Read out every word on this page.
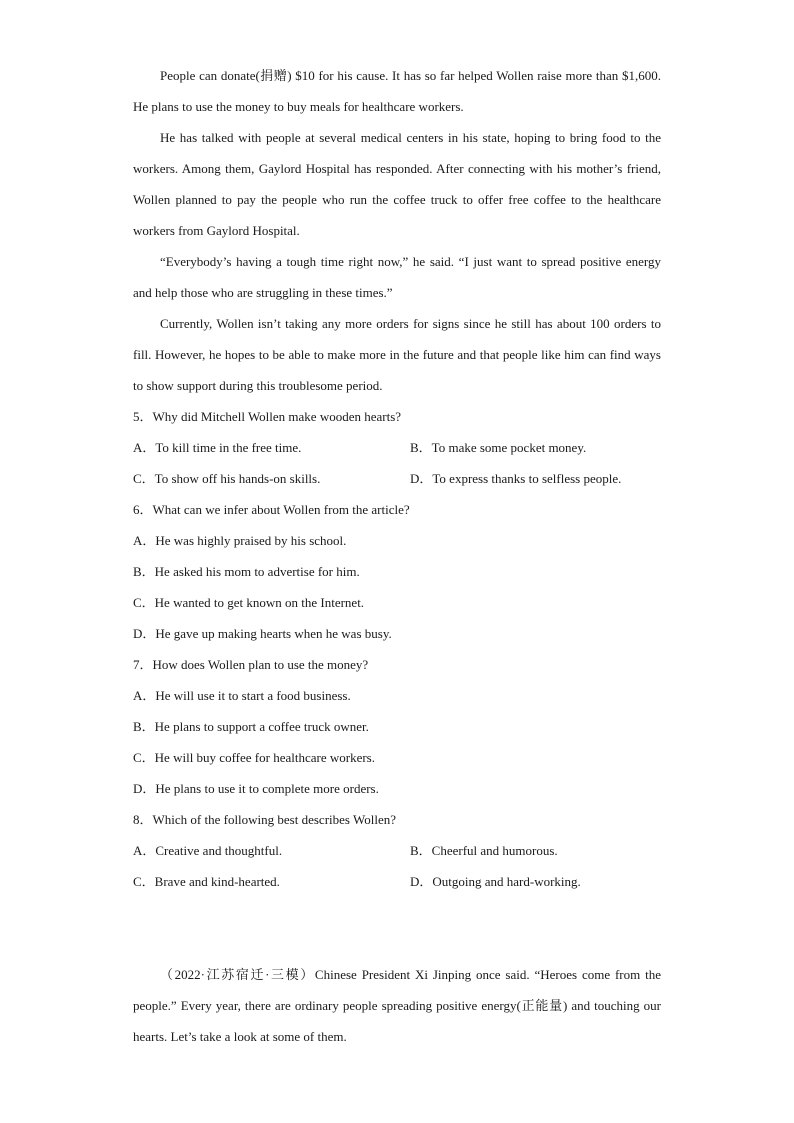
People can donate(捐赠) $10 for his cause. It has so far helped Wollen raise more than $1,600. He plans to use the money to buy meals for healthcare workers.

He has talked with people at several medical centers in his state, hoping to bring food to the workers. Among them, Gaylord Hospital has responded. After connecting with his mother’s friend, Wollen planned to pay the people who run the coffee truck to offer free coffee to the healthcare workers from Gaylord Hospital.

“Everybody’s having a tough time right now,” he said. “I just want to spread positive energy and help those who are struggling in these times.”

Currently, Wollen isn’t taking any more orders for signs since he still has about 100 orders to fill. However, he hopes to be able to make more in the future and that people like him can find ways to show support during this troublesome period.

5．Why did Mitchell Wollen make wooden hearts?

A．To kill time in the free time.	B．To make some pocket money.
C．To show off his hands-on skills.	D．To express thanks to selfless people.

6．What can we infer about Wollen from the article?

A．He was highly praised by his school.

B．He asked his mom to advertise for him.

C．He wanted to get known on the Internet.

D．He gave up making hearts when he was busy.

7．How does Wollen plan to use the money?

A．He will use it to start a food business.

B．He plans to support a coffee truck owner.

C．He will buy coffee for healthcare workers.

D．He plans to use it to complete more orders.

8．Which of the following best describes Wollen?

A．Creative and thoughtful.	B．Cheerful and humorous.
C．Brave and kind-hearted.	D．Outgoing and hard-working.

（2022·江苏宿迁·三模）Chinese President Xi Jinping once said. “Heroes come from the people.” Every year, there are ordinary people spreading positive energy(正能量) and touching our hearts. Let’s take a look at some of them.
